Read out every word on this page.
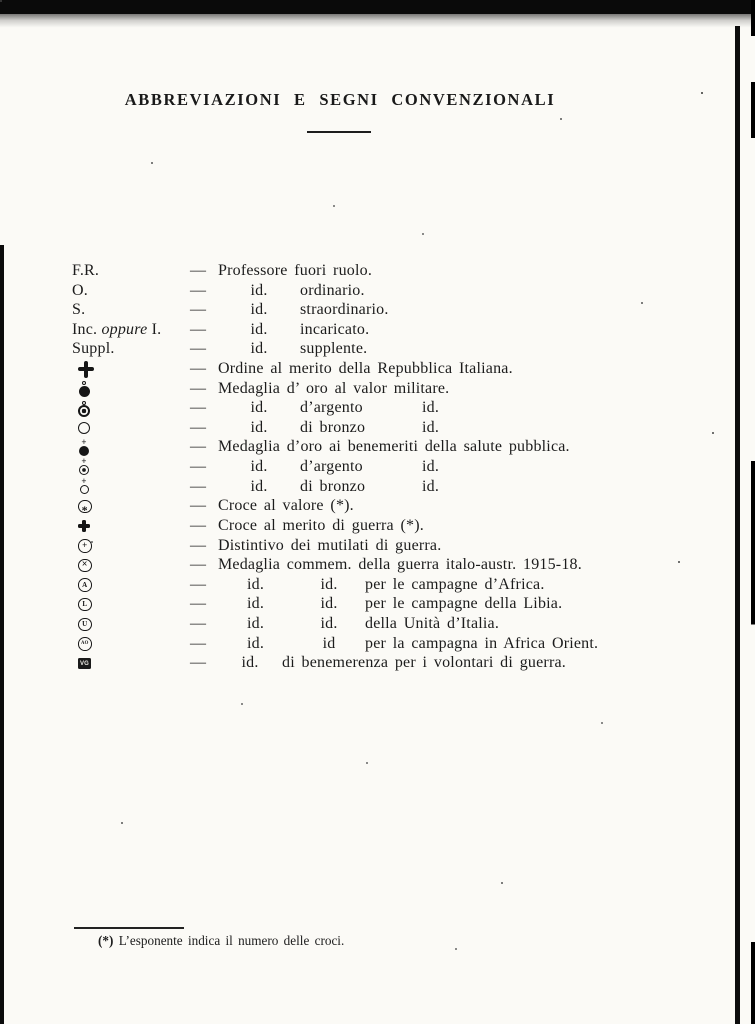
ABBREVIAZIONI E SEGNI CONVENZIONALI
F.R.	— Professore fuori ruolo.
O.	—	id. ordinario.
S.	—	id. straordinario.
Inc. oppure I. —	id. incaricato.
Suppl.	—	id. supplente.
— Ordine al merito della Repubblica Italiana.
— Medaglia d’ oro al valor militare.
—	id. d’argento	id.
—	id. di bronzo	id.
+— Medaglia d’oro ai benemeriti della salute pubblica.
+—	id. d’argento	id.
+—	id. di bronzo	id.
*	— Croce al valore (*).
— Croce al merito di guerra (*).
+	— Distintivo dei mutilati di guerra.
×	— Medaglia commem. della guerra italo-austr. 1915-18.
A	—	id.	id. per le campagne d’Africa.
L	—	id.	id. per le campagne della Libia.
U	—	id.	id. della Unità d’Italia.
AO	—	id.	id per la campagna in Africa Orient.
VG	— id. di benemerenza per i volontari di guerra.
(*) L’esponente indica il numero delle croci.
